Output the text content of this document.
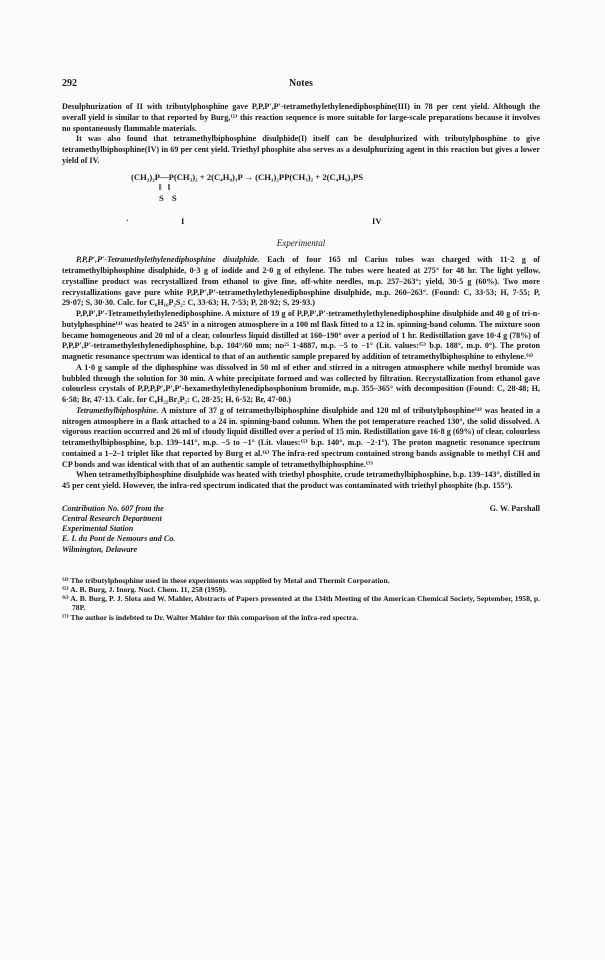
Notes
292

Desulphurization of II with tributylphosphine gave P,P,P′,P′-tetramethylethylenediphosphine(III) in 78 per cent yield. Although the overall yield is similar to that reported by Burg,⁽⁵⁾ this reaction sequence is more suitable for large-scale preparations because it involves no spontaneously flammable materials.

It was also found that tetramethylbiphosphine disulphide(I) itself can be desulphurized with tributylphosphine to give tetramethylbiphosphine(IV) in 69 per cent yield. Triethyl phosphite also serves as a desulphurizing agent in this reaction but gives a lower yield of IV.

(CH₃)₂P—P(CH₃)₂ + 2(C₄H₉)₃P → (CH₃)₂PP(CH₃)₂ + 2(C₄H₉)₃PS
‖ ‖
S S
·	I	IV
Experimental

P,P,P′,P′-Tetramethylethylenediphosphine disulphide. Each of four 165 ml Carius tubes was charged with 11·2 g of tetramethylbiphosphine disulphide, 0·3 g of iodide and 2·0 g of ethylene. The tubes were heated at 275° for 48 hr. The light yellow, crystalline product was recrystallized from ethanol to give fine, off-white needles, m.p. 257–263°; yield, 30·5 g (60%). Two more recrystallizations gave pure white P,P,P′,P′-tetramethylethylenediphosphine disulphide, m.p. 260–263°. (Found: C, 33·53; H, 7·55; P, 29·07; S, 30·30. Calc. for C₆H₁₆P₂S₂: C, 33·63; H, 7·53; P, 28·92; S, 29·93.)

P,P,P′,P′-Tetramethylethylenediphosphine. A mixture of 19 g of P,P,P′,P′-tetramethylethylenediphosphine disulphide and 40 g of tri-n-butylphosphine⁽⁴⁾ was heated to 245° in a nitrogen atmosphere in a 100 ml flask fitted to a 12 in. spinning-band column. The mixture soon became homogeneous and 20 ml of a clear, colourless liquid distilled at 160–190° over a period of 1 hr. Redistillation gave 10·4 g (78%) of P,P,P′,P′-tetramethylethylenediphosphine, b.p. 104°/60 mm; nᴅ²⁵ 1·4887, m.p. −5 to −1° (Lit. values:⁽⁵⁾ b.p. 188°, m.p. 0°). The proton magnetic resonance spectrum was identical to that of an authentic sample prepared by addition of tetramethylbiphosphine to ethylene.⁽⁶⁾

A 1·0 g sample of the diphosphine was dissolved in 50 ml of ether and stirred in a nitrogen atmosphere while methyl bromide was bubbled through the solution for 30 min. A white precipitate formed and was collected by filtration. Recrystallization from ethanol gave colourless crystals of P,P,P,P′,P′,P′-hexamethylethylenediphosphonium bromide, m.p. 355–365° with decomposition (Found: C, 28·48; H, 6·58; Br, 47·13. Calc. for C₈H₂₂Br₂P₂: C, 28·25; H, 6·52; Br, 47·00.)

Tetramethylbiphosphine. A mixture of 37 g of tetramethylbiphosphine disulphide and 120 ml of tributylphosphine⁽⁴⁾ was heated in a nitrogen atmosphere in a flask attached to a 24 in. spinning-band column. When the pot temperature reached 130°, the solid dissolved. A vigorous reaction occurred and 26 ml of cloudy liquid distilled over a period of 15 min. Redistillation gave 16·8 g (69%) of clear, colourless tetramethylbiphosphine, b.p. 139–141°, m.p. −5 to −1° (Lit. vlaues:⁽⁵⁾ b.p. 140°, m.p. −2·1°). The proton magnetic resonance spectrum contained a 1–2–1 triplet like that reported by Burg et al.⁽⁶⁾ The infra-red spectrum contained strong bands assignable to methyl CH and CP bonds and was identical with that of an authentic sample of tetramethylbiphosphine.⁽⁷⁾

When tetramethylbiphosphine disulphide was heated with triethyl phosphite, crude tetramethylbiphosphine, b.p. 139–143°, distilled in 45 per cent yield. However, the infra-red spectrum indicated that the product was contaminated with triethyl phosphite (b.p. 155°).

Contribution No. 607 from the
Central Research Department
Experimental Station
E. I. du Pont de Nemours and Co.
Wilmington, Delaware
G. W. Parshall
⁽⁴⁾ The tributylphosphine used in these experiments was supplied by Metal and Thermit Corporation.
⁽⁵⁾ A. B. Burg, J. Inorg. Nucl. Chem. 11, 258 (1959).
⁽⁶⁾ A. B. Burg, P. J. Slota and W. Mahler, Abstracts of Papers presented at the 134th Meeting of the American Chemical Society, September, 1958, p. 78P.
⁽⁷⁾ The author is indebted to Dr. Walter Mahler for this comparison of the infra-red spectra.
